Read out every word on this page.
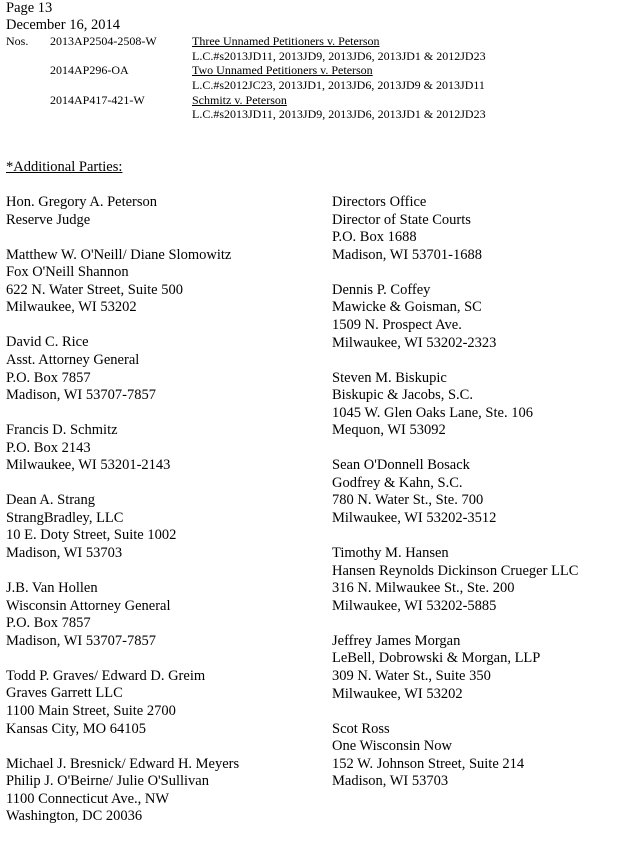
Page 13
December 16, 2014
Nos. 2013AP2504-2508-W	Three Unnamed Petitioners v. Peterson
L.C.#s2013JD11, 2013JD9, 2013JD6, 2013JD1 & 2012JD23
2014AP296-OA	Two Unnamed Petitioners v. Peterson
L.C.#s2012JC23, 2013JD1, 2013JD6, 2013JD9 & 2013JD11
2014AP417-421-W	Schmitz v. Peterson
L.C.#s2013JD11, 2013JD9, 2013JD6, 2013JD1 & 2012JD23
*Additional Parties:
Hon. Gregory A. Peterson
Reserve Judge
Matthew W. O'Neill/ Diane Slomowitz
Fox O'Neill Shannon
622 N. Water Street, Suite 500
Milwaukee, WI 53202
David C. Rice
Asst. Attorney General
P.O. Box 7857
Madison, WI 53707-7857
Francis D. Schmitz
P.O. Box 2143
Milwaukee, WI 53201-2143
Dean A. Strang
StrangBradley, LLC
10 E. Doty Street, Suite 1002
Madison, WI 53703
J.B. Van Hollen
Wisconsin Attorney General
P.O. Box 7857
Madison, WI 53707-7857
Todd P. Graves/ Edward D. Greim
Graves Garrett LLC
1100 Main Street, Suite 2700
Kansas City, MO 64105
Michael J. Bresnick/ Edward H. Meyers
Philip J. O'Beirne/ Julie O'Sullivan
1100 Connecticut Ave., NW
Washington, DC 20036
Directors Office
Director of State Courts
P.O. Box 1688
Madison, WI 53701-1688
Dennis P. Coffey
Mawicke & Goisman, SC
1509 N. Prospect Ave.
Milwaukee, WI 53202-2323
Steven M. Biskupic
Biskupic & Jacobs, S.C.
1045 W. Glen Oaks Lane, Ste. 106
Mequon, WI 53092
Sean O'Donnell Bosack
Godfrey & Kahn, S.C.
780 N. Water St., Ste. 700
Milwaukee, WI 53202-3512
Timothy M. Hansen
Hansen Reynolds Dickinson Crueger LLC
316 N. Milwaukee St., Ste. 200
Milwaukee, WI 53202-5885
Jeffrey James Morgan
LeBell, Dobrowski & Morgan, LLP
309 N. Water St., Suite 350
Milwaukee, WI 53202
Scot Ross
One Wisconsin Now
152 W. Johnson Street, Suite 214
Madison, WI 53703
